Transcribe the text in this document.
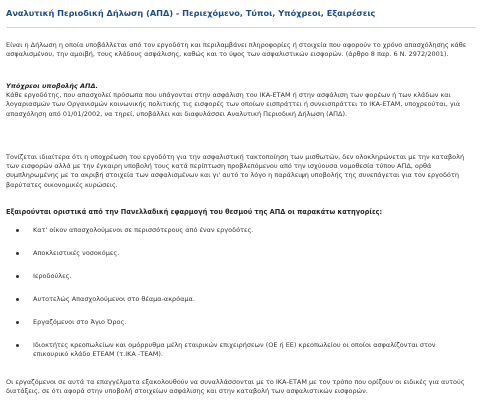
Αναλυτική Περιοδική Δήλωση (ΑΠΔ) - Περιεχόμενο, Τύποι, Υπόχρεοι, Εξαιρέσεις
Είναι η Δήλωση η οποία υποβάλλεται από τον εργοδότη και περιλαμβάνει πληροφορίες ή στοιχεία που αφορούν το χρόνο απασχόλησης κάθε ασφαλισμένου, την αμοιβή, τους κλάδους ασφάλισης, καθώς και το ύψος των ασφαλιστικών εισφορών. (άρθρο 8 παρ. 6 Ν. 2972/2001).
Υπόχρεοι υποβολής ΑΠΔ.
Κάθε εργοδότης, που απασχολεί πρόσωπα που υπάγονται στην ασφάλιση του ΙΚΑ-ΕΤΑΜ ή στην ασφάλιση των φορέων ή των κλάδων και λογαριασμών των Οργανισμών κοινωνικής πολιτικής τις εισφορές των οποίων εισπράττει ή συνεισπράττει το ΙΚΑ-ΕΤΑΜ, υποχρεούται, για απασχόληση από 01/01/2002, να τηρεί, υποβάλλει και διαφυλάσσει Αναλυτική Περιοδική Δήλωση (ΑΠΔ).
Τονίζεται ιδιαίτερα ότι η υποχρέωση του εργοδότη για την ασφαλιστική τακτοποίηση των μισθωτών, δεν ολοκληρώνεται με την καταβολή των εισφορών αλλά με την έγκαιρη υποβολή τους κατά περίπτωση προβλεπόμενου από την ισχύουσα νομοθεσία τύπου ΑΠΔ, ορθά συμπληρωμένης με τα ακριβή στοιχεία των ασφαλισμένων και γι' αυτό το λόγο η παράλειψη υποβολής της συνεπάγεται για τον εργοδότη βαρύτατες οικονομικές κυρώσεις.
Εξαιρούνται οριστικά από την Πανελλαδική εφαρμογή του θεσμού της ΑΠΔ οι παρακάτω κατηγορίες:
Κατ' οίκον απασχολούμενοι σε περισσότερους από έναν εργοδότες.
Αποκλειστικές νοσοκόμες.
Ιεροδούλες.
Αυτοτελώς Απασχολούμενοι στο θέαμα-ακρόαμα.
Εργαζόμενοι στο Άγιο Όρος.
Ιδιοκτήτες κρεοπωλείων και ομόρρυθμα μέλη εταιρικών επιχειρήσεων (ΟΕ ή ΕΕ) κρεοπωλείου οι οποίοι ασφαλίζονται στον επικουρικό κλάδο ΕΤΕΑΜ (τ.ΙΚΑ -ΤΕΑΜ).
Οι εργαζόμενοι σε αυτά τα επαγγέλματα εξακολουθούν να συναλλάσσονται με το ΙΚΑ-ΕΤΑΜ με τον τρόπο που ορίζουν οι ειδικές για αυτούς διατάξεις, σε ότι αφορά στην υποβολή στοιχείων ασφάλισης και στην καταβολή των ασφαλιστικών εισφορών.
